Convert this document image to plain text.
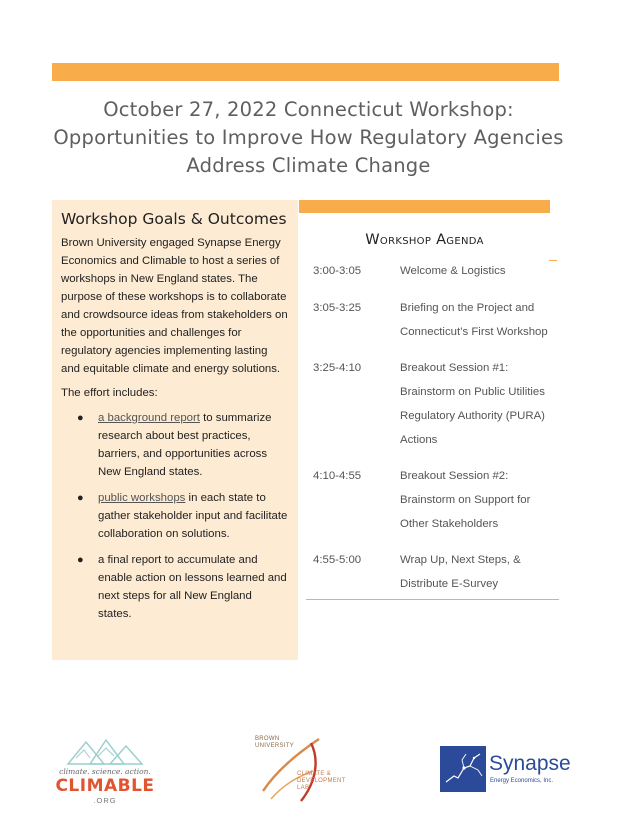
October 27, 2022 Connecticut Workshop:
Opportunities to Improve How Regulatory Agencies
Address Climate Change
Workshop Goals & Outcomes

Brown University engaged Synapse Energy Economics and Climable to host a series of workshops in New England states. The purpose of these workshops is to collaborate and crowdsource ideas from stakeholders on the opportunities and challenges for regulatory agencies implementing lasting and equitable climate and energy solutions.

The effort includes:

● a background report to summarize research about best practices, barriers, and opportunities across New England states.
● public workshops in each state to gather stakeholder input and facilitate collaboration on solutions.
● a final report to accumulate and enable action on lessons learned and next steps for all New England states.
Workshop Agenda
3:00-3:05	Welcome & Logistics
3:05-3:25	Briefing on the Project and Connecticut’s First Workshop
3:25-4:10	Breakout Session #1: Brainstorm on Public Utilities Regulatory Authority (PURA) Actions
4:10-4:55	Breakout Session #2: Brainstorm on Support for Other Stakeholders
4:55-5:00	Wrap Up, Next Steps, & Distribute E-Survey
climate. science. action.
CLIMABLE
.ORG
BROWN UNIVERSITY
CLIMATE & DEVELOPMENT LAB
Synapse
Energy Economics, Inc.
